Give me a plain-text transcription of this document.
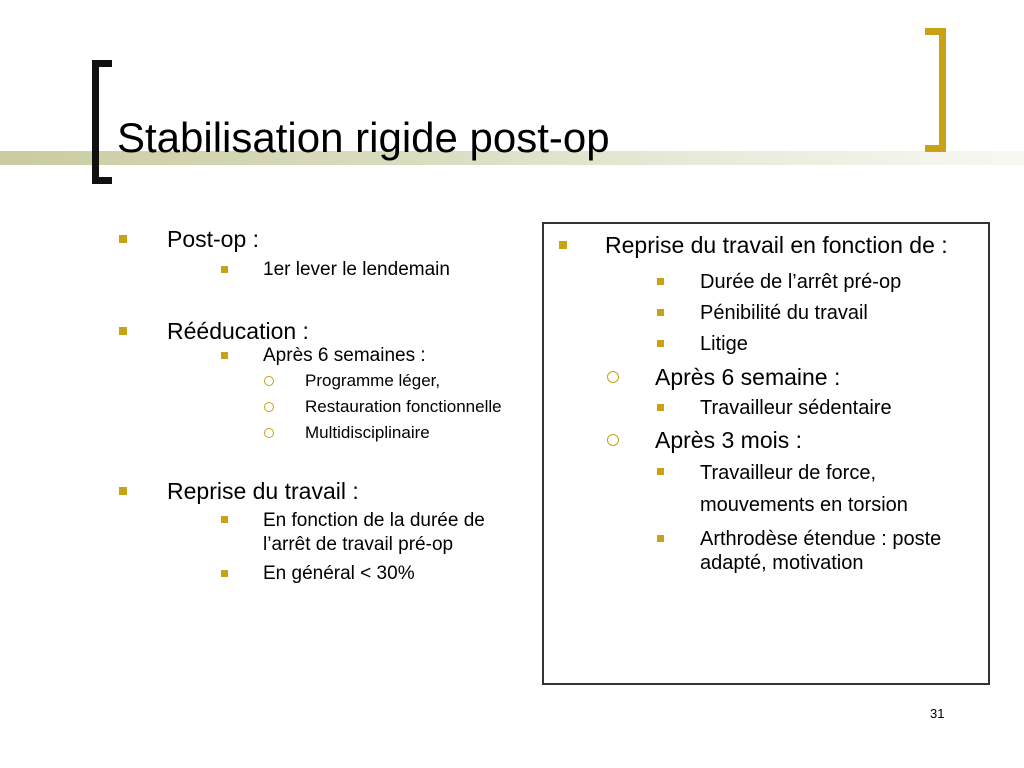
Stabilisation rigide post-op
Post-op :
1er lever le lendemain
Rééducation :
Après 6 semaines :
Programme léger,
Restauration fonctionnelle
Multidisciplinaire
Reprise du travail :
En fonction de la durée de l’arrêt de travail pré-op
En général < 30%
Reprise du travail en fonction de :
Durée de l’arrêt pré-op
Pénibilité du travail
Litige
Après 6 semaine :
Travailleur sédentaire
Après 3 mois :
Travailleur de force, mouvements en torsion
Arthrodèse étendue : poste adapté, motivation
31
